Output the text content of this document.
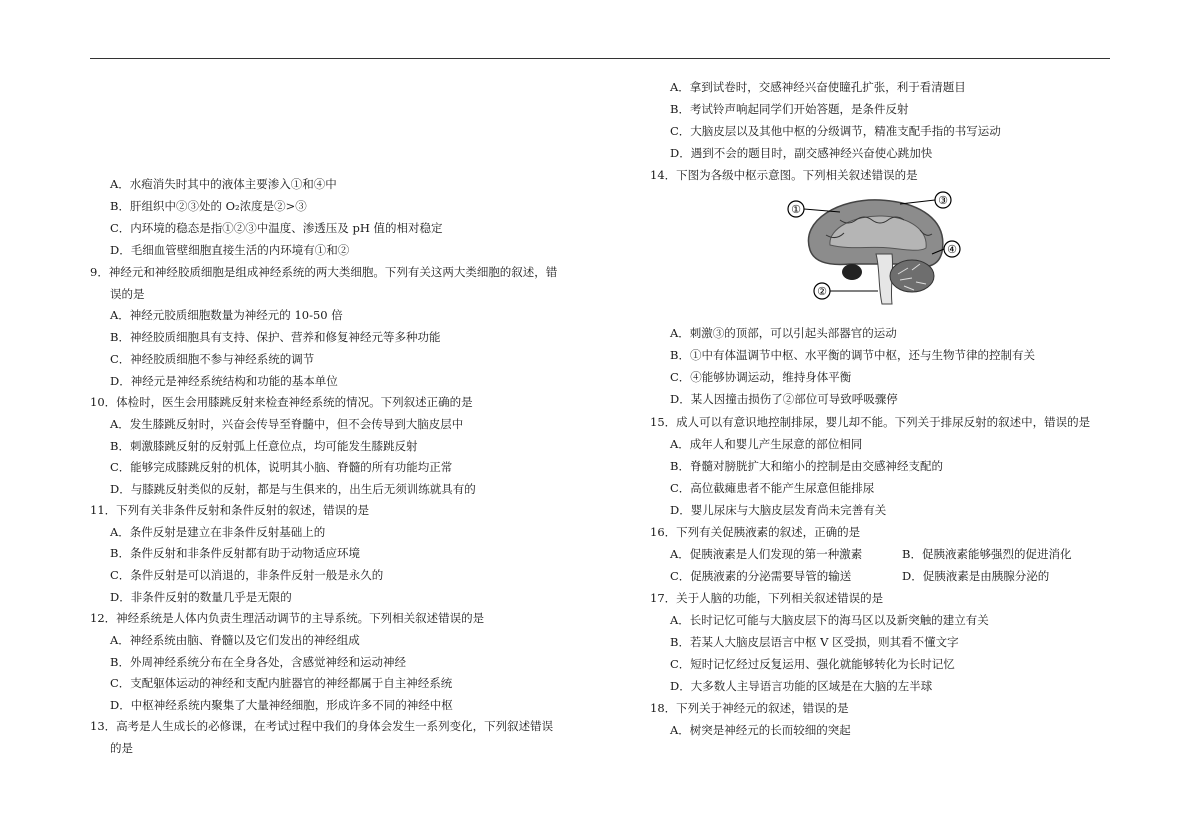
A．水疱消失时其中的液体主要渗入①和④中
B．肝组织中②③处的 O₂浓度是②>③
C．内环境的稳态是指①②③中温度、渗透压及 pH 值的相对稳定
D．毛细血管壁细胞直接生活的内环境有①和②
9．神经元和神经胶质细胞是组成神经系统的两大类细胞。下列有关这两大类细胞的叙述，错
误的是
A．神经元胶质细胞数量为神经元的 10-50 倍
B．神经胶质细胞具有支持、保护、营养和修复神经元等多种功能
C．神经胶质细胞不参与神经系统的调节
D．神经元是神经系统结构和功能的基本单位
10．体检时，医生会用膝跳反射来检查神经系统的情况。下列叙述正确的是
A．发生膝跳反射时，兴奋会传导至脊髓中，但不会传导到大脑皮层中
B．刺激膝跳反射的反射弧上任意位点，均可能发生膝跳反射
C．能够完成膝跳反射的机体，说明其小脑、脊髓的所有功能均正常
D．与膝跳反射类似的反射，都是与生俱来的，出生后无须训练就具有的
11．下列有关非条件反射和条件反射的叙述，错误的是
A．条件反射是建立在非条件反射基础上的
B．条件反射和非条件反射都有助于动物适应环境
C．条件反射是可以消退的，非条件反射一般是永久的
D．非条件反射的数量几乎是无限的
12．神经系统是人体内负责生理活动调节的主导系统。下列相关叙述错误的是
A．神经系统由脑、脊髓以及它们发出的神经组成
B．外周神经系统分布在全身各处，含感觉神经和运动神经
C．支配躯体运动的神经和支配内脏器官的神经都属于自主神经系统
D．中枢神经系统内聚集了大量神经细胞，形成许多不同的神经中枢
13．高考是人生成长的必修课，在考试过程中我们的身体会发生一系列变化，下列叙述错误
的是
A．拿到试卷时，交感神经兴奋使瞳孔扩张，利于看清题目
B．考试铃声响起同学们开始答题，是条件反射
C．大脑皮层以及其他中枢的分级调节，精准支配手指的书写运动
D．遇到不会的题目时，副交感神经兴奋使心跳加快
14．下图为各级中枢示意图。下列相关叙述错误的是
A．刺激③的顶部，可以引起头部器官的运动
B．①中有体温调节中枢、水平衡的调节中枢，还与生物节律的控制有关
C．④能够协调运动，维持身体平衡
D．某人因撞击损伤了②部位可导致呼吸骤停
15．成人可以有意识地控制排尿，婴儿却不能。下列关于排尿反射的叙述中，错误的是
A．成年人和婴儿产生尿意的部位相同
B．脊髓对膀胱扩大和缩小的控制是由交感神经支配的
C．高位截瘫患者不能产生尿意但能排尿
D．婴儿尿床与大脑皮层发育尚未完善有关
16．下列有关促胰液素的叙述，正确的是
A．促胰液素是人们发现的第一种激素	B．促胰液素能够强烈的促进消化
C．促胰液素的分泌需要导管的输送	D．促胰液素是由胰腺分泌的
17．关于人脑的功能，下列相关叙述错误的是
A．长时记忆可能与大脑皮层下的海马区以及新突触的建立有关
B．若某人大脑皮层语言中枢 V 区受损，则其看不懂文字
C．短时记忆经过反复运用、强化就能够转化为长时记忆
D．大多数人主导语言功能的区域是在大脑的左半球
18．下列关于神经元的叙述，错误的是
A．树突是神经元的长而较细的突起
①
②
③
④
